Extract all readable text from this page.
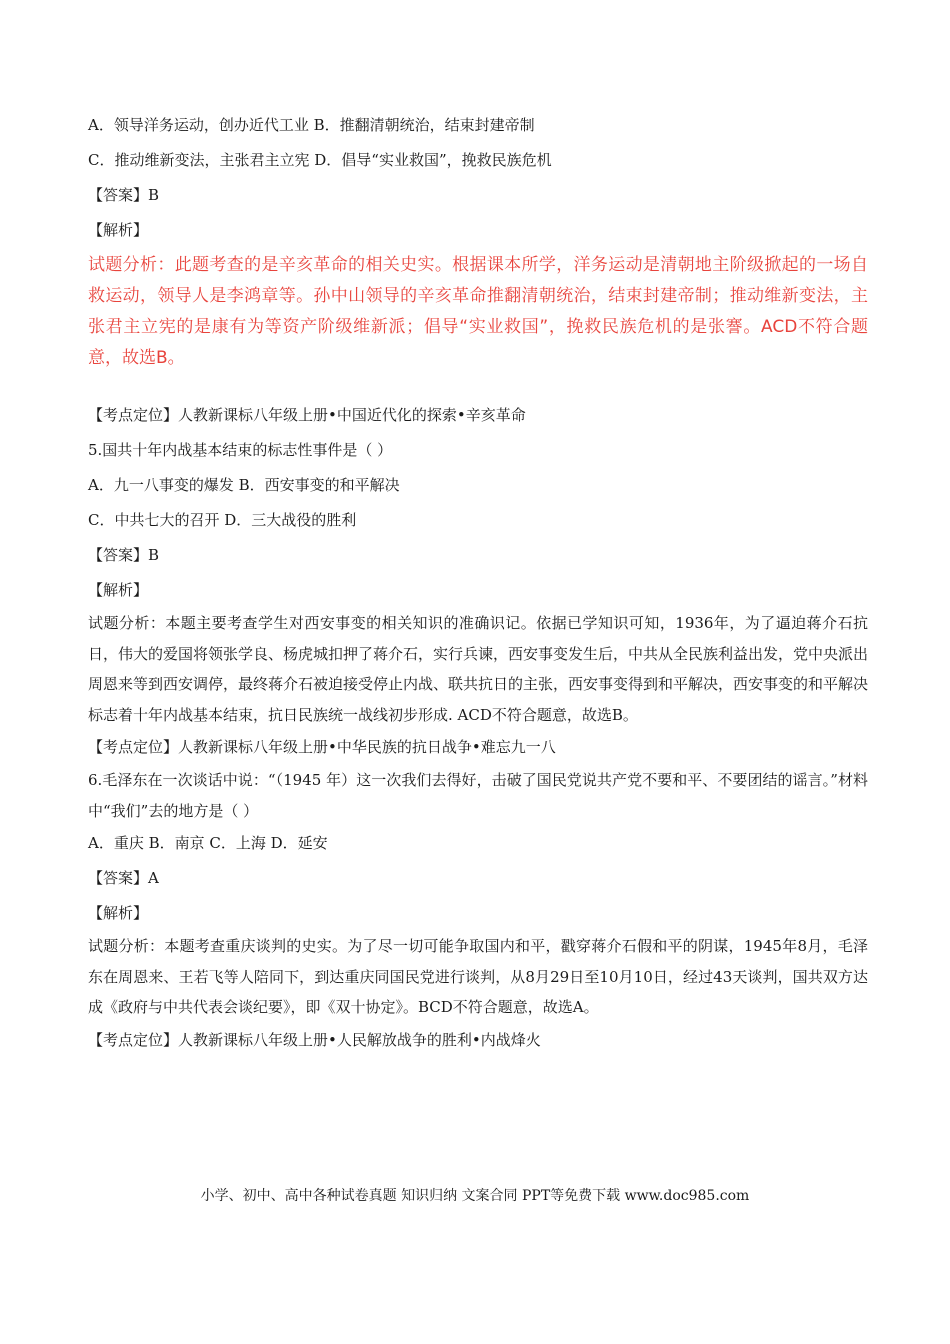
A．领导洋务运动，创办近代工业 B．推翻清朝统治，结束封建帝制
C．推动维新变法，主张君主立宪 D．倡导“实业救国”，挽救民族危机
【答案】B
【解析】
试题分析：此题考查的是辛亥革命的相关史实。根据课本所学，洋务运动是清朝地主阶级掀起的一场自救运动，领导人是李鸿章等。孙中山领导的辛亥革命推翻清朝统治，结束封建帝制；推动维新变法，主张君主立宪的是康有为等资产阶级维新派；倡导“实业救国”，挽救民族危机的是张謇。ACD不符合题意，故选B。
【考点定位】人教新课标八年级上册•中国近代化的探索•辛亥革命
5.国共十年内战基本结束的标志性事件是（ ）
A．九一八事变的爆发 B．西安事变的和平解决
C．中共七大的召开 D．三大战役的胜利
【答案】B
【解析】
试题分析：本题主要考查学生对西安事变的相关知识的准确识记。依据已学知识可知，1936年，为了逼迫蒋介石抗日，伟大的爱国将领张学良、杨虎城扣押了蒋介石，实行兵谏，西安事变发生后，中共从全民族利益出发，党中央派出周恩来等到西安调停，最终蒋介石被迫接受停止内战、联共抗日的主张，西安事变得到和平解决，西安事变的和平解决标志着十年内战基本结束，抗日民族统一战线初步形成. ACD不符合题意，故选B。
【考点定位】人教新课标八年级上册•中华民族的抗日战争•难忘九一八
6.毛泽东在一次谈话中说：“（1945 年）这一次我们去得好，击破了国民党说共产党不要和平、不要团结的谣言。”材料中“我们”去的地方是（ ）
A．重庆 B．南京 C．上海 D．延安
【答案】A
【解析】
试题分析：本题考查重庆谈判的史实。为了尽一切可能争取国内和平，戳穿蒋介石假和平的阴谋，1945年8月，毛泽东在周恩来、王若飞等人陪同下，到达重庆同国民党进行谈判，从8月29日至10月10日，经过43天谈判，国共双方达成《政府与中共代表会谈纪要》，即《双十协定》。BCD不符合题意，故选A。
【考点定位】人教新课标八年级上册•人民解放战争的胜利•内战烽火
小学、初中、高中各种试卷真题 知识归纳 文案合同 PPT等免费下载 www.doc985.com
